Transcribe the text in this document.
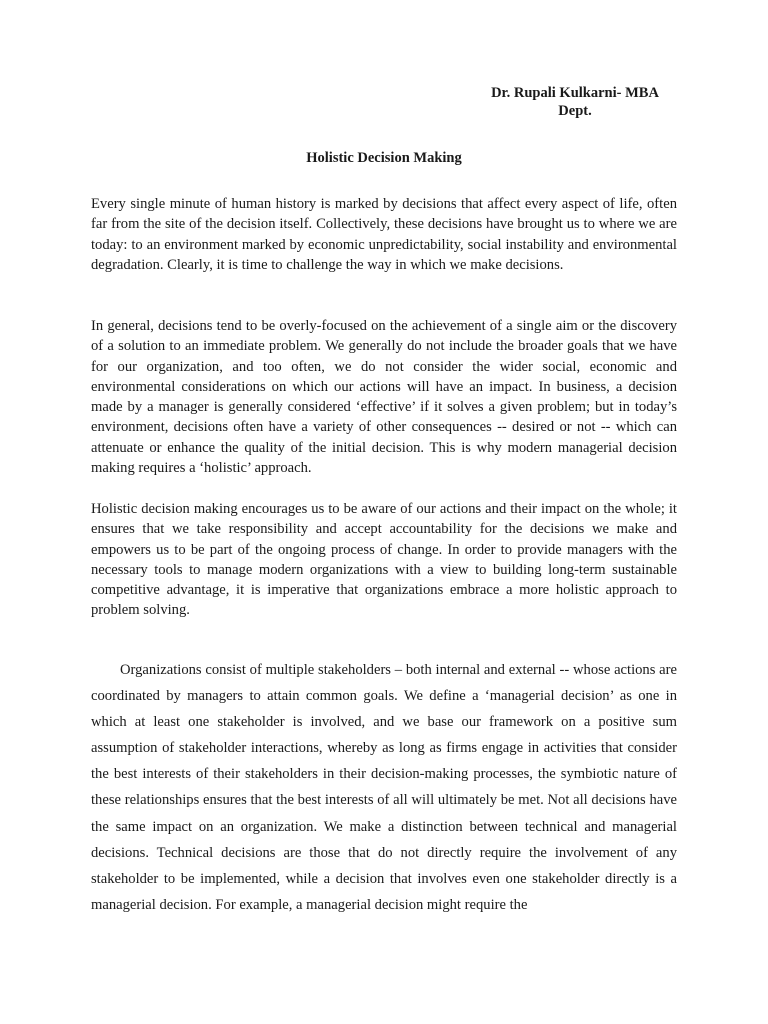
Dr. Rupali Kulkarni- MBA
Dept.
Holistic Decision Making

Every single minute of human history is marked by decisions that affect every aspect of life, often far from the site of the decision itself. Collectively, these decisions have brought us to where we are today: to an environment marked by economic unpredictability, social instability and environmental degradation. Clearly, it is time to challenge the way in which we make decisions.

In general, decisions tend to be overly-focused on the achievement of a single aim or the discovery of a solution to an immediate problem. We generally do not include the broader goals that we have for our organization, and too often, we do not consider the wider social, economic and environmental considerations on which our actions will have an impact. In business, a decision made by a manager is generally considered ‘effective’ if it solves a given problem; but in today’s environment, decisions often have a variety of other consequences -- desired or not -- which can attenuate or enhance the quality of the initial decision. This is why modern managerial decision making requires a ‘holistic’ approach.

Holistic decision making encourages us to be aware of our actions and their impact on the whole; it ensures that we take responsibility and accept accountability for the decisions we make and empowers us to be part of the ongoing process of change. In order to provide managers with the necessary tools to manage modern organizations with a view to building long-term sustainable competitive advantage, it is imperative that organizations embrace a more holistic approach to problem solving.

Organizations consist of multiple stakeholders – both internal and external -- whose actions are coordinated by managers to attain common goals. We define a ‘managerial decision’ as one in which at least one stakeholder is involved, and we base our framework on a positive sum assumption of stakeholder interactions, whereby as long as firms engage in activities that consider the best interests of their stakeholders in their decision-making processes, the symbiotic nature of these relationships ensures that the best interests of all will ultimately be met. Not all decisions have the same impact on an organization. We make a distinction between technical and managerial decisions. Technical decisions are those that do not directly require the involvement of any stakeholder to be implemented, while a decision that involves even one stakeholder directly is a managerial decision. For example, a managerial decision might require the
